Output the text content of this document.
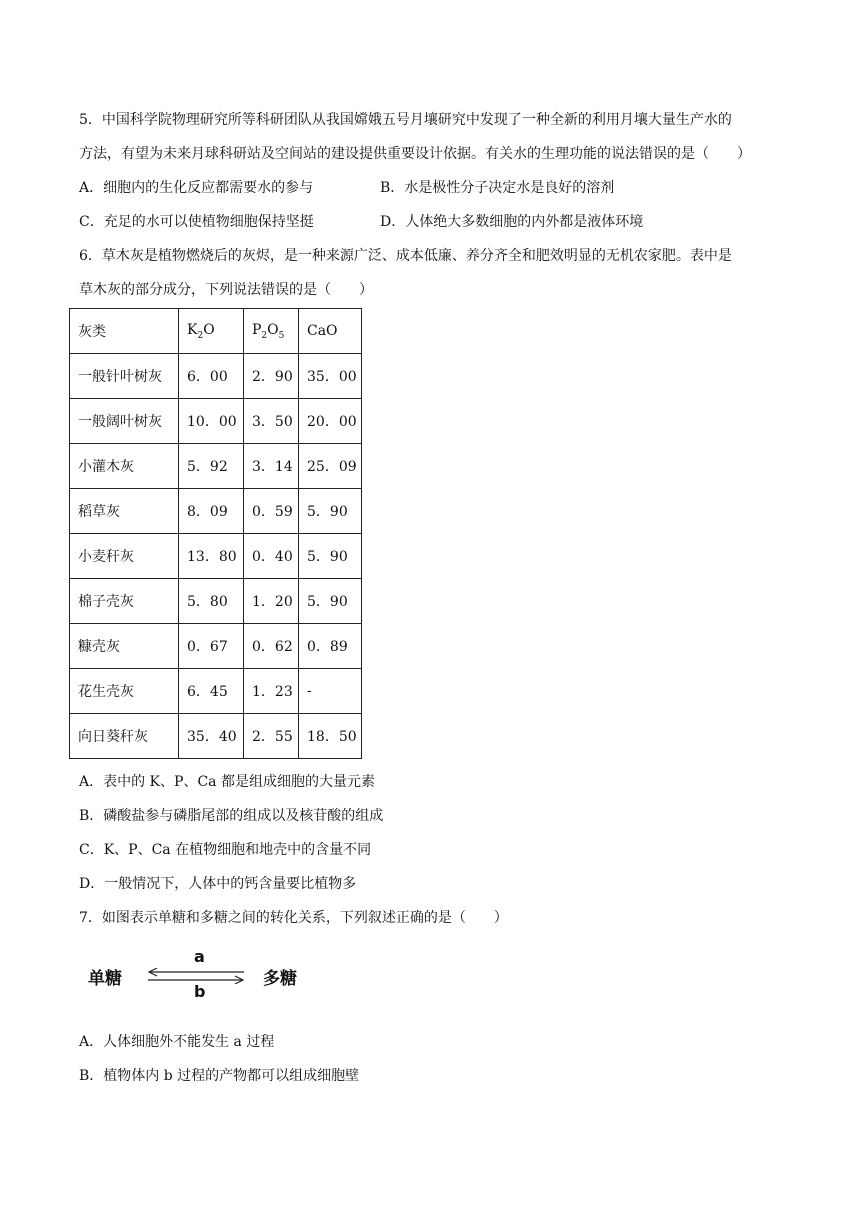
5．中国科学院物理研究所等科研团队从我国嫦娥五号月壤研究中发现了一种全新的利用月壤大量生产水的
方法，有望为未来月球科研站及空间站的建设提供重要设计依据。有关水的生理功能的说法错误的是（　　）
A．细胞内的生化反应都需要水的参与	B．水是极性分子决定水是良好的溶剂
C．充足的水可以使植物细胞保持坚挺	D．人体绝大多数细胞的内外都是液体环境
6．草木灰是植物燃烧后的灰烬，是一种来源广泛、成本低廉、养分齐全和肥效明显的无机农家肥。表中是
草木灰的部分成分，下列说法错误的是（　　）
灰类	$K_2O$	$P_2O_5$	CaO
一般针叶树灰	6．00	2．90	35．00
一般阔叶树灰	10．00	3．50	20．00
小灌木灰	5．92	3．14	25．09
稻草灰	8．09	0．59	5．90
小麦秆灰	13．80	0．40	5．90
棉子壳灰	5．80	1．20	5．90
糠壳灰	0．67	0．62	0．89
花生壳灰	6．45	1．23	-
向日葵秆灰	35．40	2．55	18．50
A．表中的 K、P、Ca 都是组成细胞的大量元素
B．磷酸盐参与磷脂尾部的组成以及核苷酸的组成
C．K、P、Ca 在植物细胞和地壳中的含量不同
D．一般情况下，人体中的钙含量要比植物多
7．如图表示单糖和多糖之间的转化关系，下列叙述正确的是（　　）
单糖
a
b
多糖
A．人体细胞外不能发生 a 过程
B．植物体内 b 过程的产物都可以组成细胞壁
